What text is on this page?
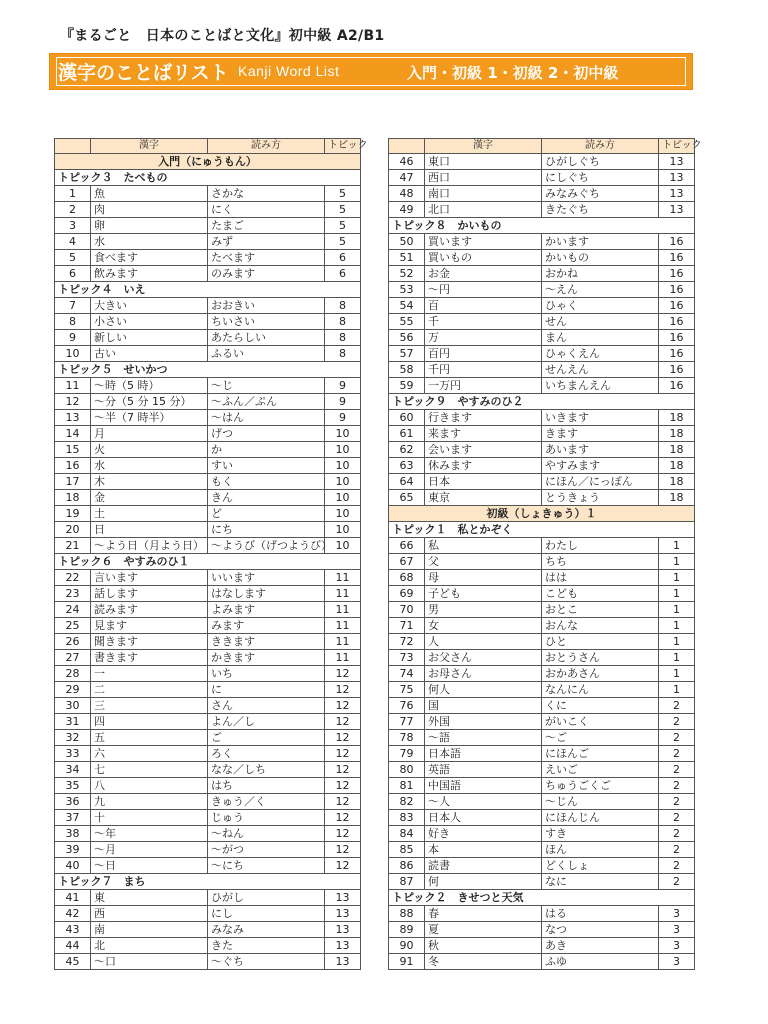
『まるごと　日本のことばと文化』初中級 A2/B1
漢字のことばリスト Kanji Word List	入門・初級 1・初級 2・初中級
	漢字	読み方	トピック
入門（にゅうもん）			
トピック３　たべもの			
1	魚	さかな	5
2	肉	にく	5
3	卵	たまご	5
4	水	みず	5
5	食べます	たべます	6
6	飲みます	のみます	6
トピック４　いえ			
7	大きい	おおきい	8
8	小さい	ちいさい	8
9	新しい	あたらしい	8
10	古い	ふるい	8
トピック５　せいかつ			
11	～時（5 時）	～じ	9
12	～分（5 分 15 分）	～ふん／ぷん	9
13	～半（7 時半）	～はん	9
14	月	げつ	10
15	火	か	10
16	水	すい	10
17	木	もく	10
18	金	きん	10
19	土	ど	10
20	日	にち	10
21	～よう日（月よう日）	～ようび（げつようび）	10
トピック６　やすみのひ１			
22	言います	いいます	11
23	話します	はなします	11
24	読みます	よみます	11
25	見ます	みます	11
26	聞きます	ききます	11
27	書きます	かきます	11
28	一	いち	12
29	二	に	12
30	三	さん	12
31	四	よん／し	12
32	五	ご	12
33	六	ろく	12
34	七	なな／しち	12
35	八	はち	12
36	九	きゅう／く	12
37	十	じゅう	12
38	～年	～ねん	12
39	～月	～がつ	12
40	～日	～にち	12
トピック７　まち			
41	東	ひがし	13
42	西	にし	13
43	南	みなみ	13
44	北	きた	13
45	～口	～ぐち	13
	漢字	読み方	トピック
46	東口	ひがしぐち	13
47	西口	にしぐち	13
48	南口	みなみぐち	13
49	北口	きたぐち	13
トピック８　かいもの			
50	買います	かいます	16
51	買いもの	かいもの	16
52	お金	おかね	16
53	～円	～えん	16
54	百	ひゃく	16
55	千	せん	16
56	万	まん	16
57	百円	ひゃくえん	16
58	千円	せんえん	16
59	一万円	いちまんえん	16
トピック９　やすみのひ２			
60	行きます	いきます	18
61	来ます	きます	18
62	会います	あいます	18
63	休みます	やすみます	18
64	日本	にほん／にっぽん	18
65	東京	とうきょう	18
初級（しょきゅう）１			
トピック１　私とかぞく			
66	私	わたし	1
67	父	ちち	1
68	母	はは	1
69	子ども	こども	1
70	男	おとこ	1
71	女	おんな	1
72	人	ひと	1
73	お父さん	おとうさん	1
74	お母さん	おかあさん	1
75	何人	なんにん	1
76	国	くに	2
77	外国	がいこく	2
78	～語	～ご	2
79	日本語	にほんご	2
80	英語	えいご	2
81	中国語	ちゅうごくご	2
82	～人	～じん	2
83	日本人	にほんじん	2
84	好き	すき	2
85	本	ほん	2
86	読書	どくしょ	2
87	何	なに	2
トピック２　きせつと天気			
88	春	はる	3
89	夏	なつ	3
90	秋	あき	3
91	冬	ふゆ	3
